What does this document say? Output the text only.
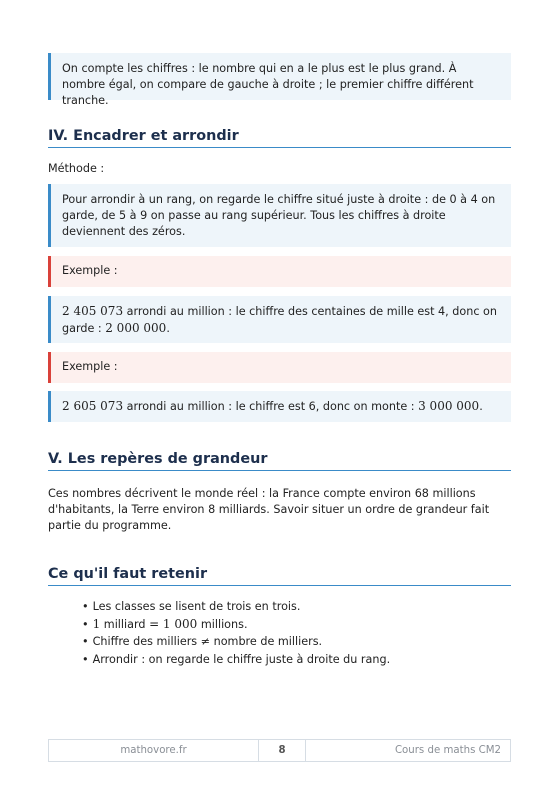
On compte les chiffres : le nombre qui en a le plus est le plus grand. À nombre égal, on compare de gauche à droite ; le premier chiffre différent tranche.
IV. Encadrer et arrondir
Méthode :
Pour arrondir à un rang, on regarde le chiffre situé juste à droite : de 0 à 4 on garde, de 5 à 9 on passe au rang supérieur. Tous les chiffres à droite deviennent des zéros.
Exemple :
2 405 073 arrondi au million : le chiffre des centaines de mille est 4, donc on garde : 2 000 000.
Exemple :
2 605 073 arrondi au million : le chiffre est 6, donc on monte : 3 000 000.
V. Les repères de grandeur
Ces nombres décrivent le monde réel : la France compte environ 68 millions d'habitants, la Terre environ 8 milliards. Savoir situer un ordre de grandeur fait partie du programme.
Ce qu'il faut retenir
• Les classes se lisent de trois en trois.
• 1 milliard = 1 000 millions.
• Chiffre des milliers ≠ nombre de milliers.
• Arrondir : on regarde le chiffre juste à droite du rang.
mathovore.fr	8	Cours de maths CM2
